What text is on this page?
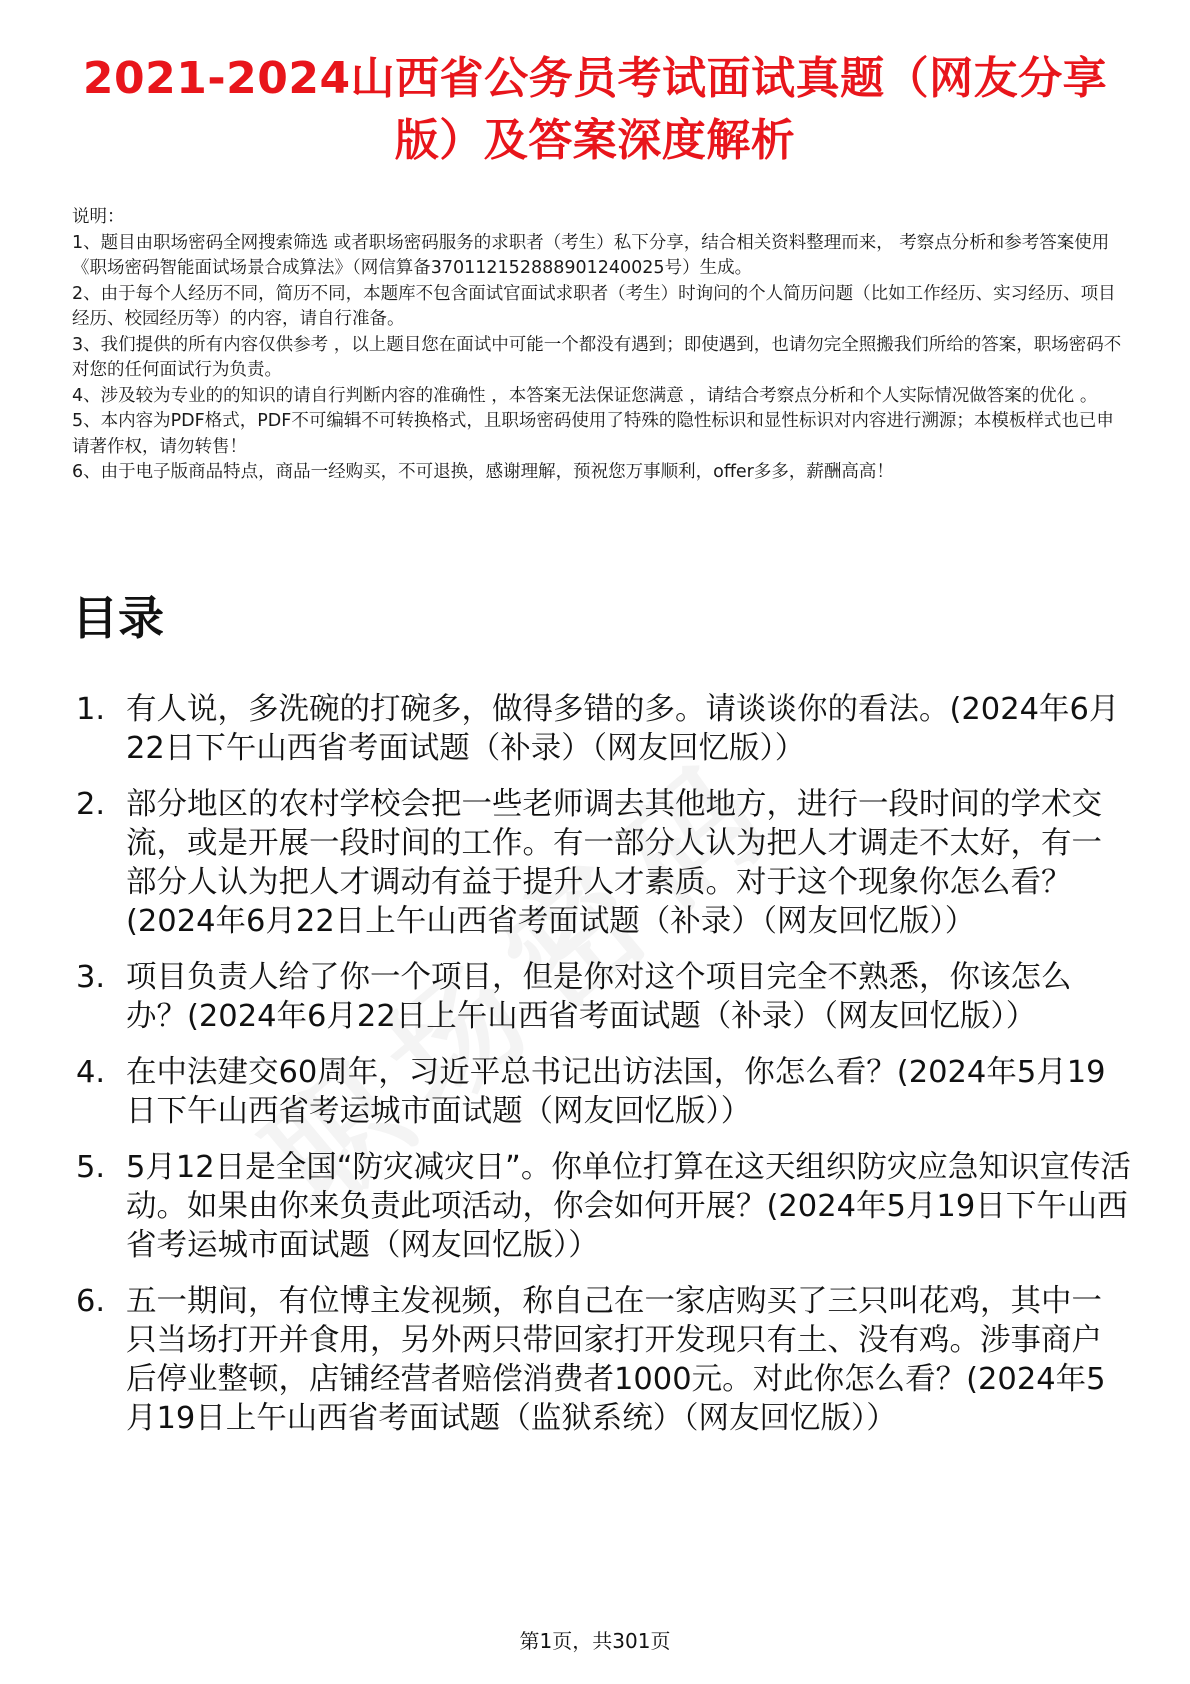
2021-2024山西省公务员考试面试真题（网友分享版）及答案深度解析
说明：
1、题目由职场密码全网搜索筛选 或者职场密码服务的求职者（考生）私下分享，结合相关资料整理而来， 考察点分析和参考答案使用《职场密码智能面试场景合成算法》（网信算备370112152888901240025号）生成。
2、由于每个人经历不同，简历不同，本题库不包含面试官面试求职者（考生）时询问的个人简历问题（比如工作经历、实习经历、项目经历、校园经历等）的内容，请自行准备。
3、我们提供的所有内容仅供参考 ，以上题目您在面试中可能一个都没有遇到；即使遇到，也请勿完全照搬我们所给的答案，职场密码不对您的任何面试行为负责。
4、涉及较为专业的的知识的请自行判断内容的准确性 ，本答案无法保证您满意 ，请结合考察点分析和个人实际情况做答案的优化 。
5、本内容为PDF格式，PDF不可编辑不可转换格式，且职场密码使用了特殊的隐性标识和显性标识对内容进行溯源；本模板样式也已申请著作权，请勿转售！
6、由于电子版商品特点，商品一经购买，不可退换，感谢理解，预祝您万事顺利，offer多多，薪酬高高！
目录
1. 有人说，多洗碗的打碗多，做得多错的多。请谈谈你的看法。(2024年6月22日下午山西省考面试题（补录）（网友回忆版））
2. 部分地区的农村学校会把一些老师调去其他地方，进行一段时间的学术交流，或是开展一段时间的工作。有一部分人认为把人才调走不太好，有一部分人认为把人才调动有益于提升人才素质。对于这个现象你怎么看？(2024年6月22日上午山西省考面试题（补录）（网友回忆版））
3. 项目负责人给了你一个项目，但是你对这个项目完全不熟悉，你该怎么办？(2024年6月22日上午山西省考面试题（补录）（网友回忆版））
4. 在中法建交60周年，习近平总书记出访法国，你怎么看？(2024年5月19日下午山西省考运城市面试题（网友回忆版））
5. 5月12日是全国“防灾减灾日”。你单位打算在这天组织防灾应急知识宣传活动。如果由你来负责此项活动，你会如何开展？(2024年5月19日下午山西省考运城市面试题（网友回忆版））
6. 五一期间，有位博主发视频，称自己在一家店购买了三只叫花鸡，其中一只当场打开并食用，另外两只带回家打开发现只有土、没有鸡。涉事商户后停业整顿，店铺经营者赔偿消费者1000元。对此你怎么看？(2024年5月19日上午山西省考面试题（监狱系统）（网友回忆版））
第1页，共301页
